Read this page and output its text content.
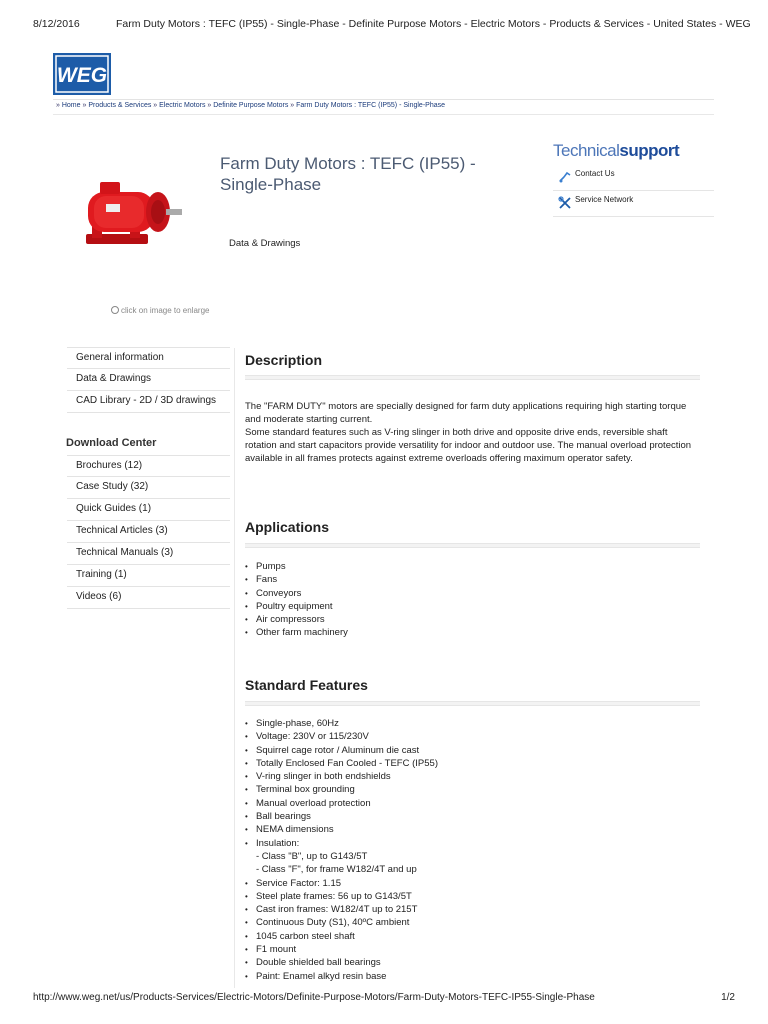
8/12/2016	Farm Duty Motors : TEFC (IP55) - Single-Phase - Definite Purpose Motors - Electric Motors - Products & Services - United States - WEG
WEG
» Home » Products & Services » Electric Motors » Definite Purpose Motors » Farm Duty Motors : TEFC (IP55) - Single-Phase
click on image to enlarge
Farm Duty Motors : TEFC (IP55) - Single-Phase
Data & Drawings
Technicalsupport
Contact Us
Service Network
General information
Data & Drawings
CAD Library - 2D / 3D drawings
Download Center
Brochures (12)
Case Study (32)
Quick Guides (1)
Technical Articles (3)
Technical Manuals (3)
Training (1)
Videos (6)
Description

The "FARM DUTY" motors are specially designed for farm duty applications requiring high starting torque and moderate starting current.

Some standard features such as V-ring slinger in both drive and opposite drive ends, reversible shaft rotation and start capacitors provide versatility for indoor and outdoor use. The manual overload protection available in all frames protects against extreme overloads offering maximum operator safety.

Applications
• Pumps
• Fans
• Conveyors
• Poultry equipment
• Air compressors
• Other farm machinery
Standard Features
• Single-phase, 60Hz
• Voltage: 230V or 115/230V
• Squirrel cage rotor / Aluminum die cast
• Totally Enclosed Fan Cooled - TEFC (IP55)
• V-ring slinger in both endshields
• Terminal box grounding
• Manual overload protection
• Ball bearings
• NEMA dimensions
• Insulation:
- Class "B", up to G143/5T
- Class "F", for frame W182/4T and up
• Service Factor: 1.15
• Steel plate frames: 56 up to G143/5T
• Cast iron frames: W182/4T up to 215T
• Continuous Duty (S1), 40ºC ambient
• 1045 carbon steel shaft
• F1 mount
• Double shielded ball bearings
• Paint: Enamel alkyd resin base
http://www.weg.net/us/Products-Services/Electric-Motors/Definite-Purpose-Motors/Farm-Duty-Motors-TEFC-IP55-Single-Phase	1/2
